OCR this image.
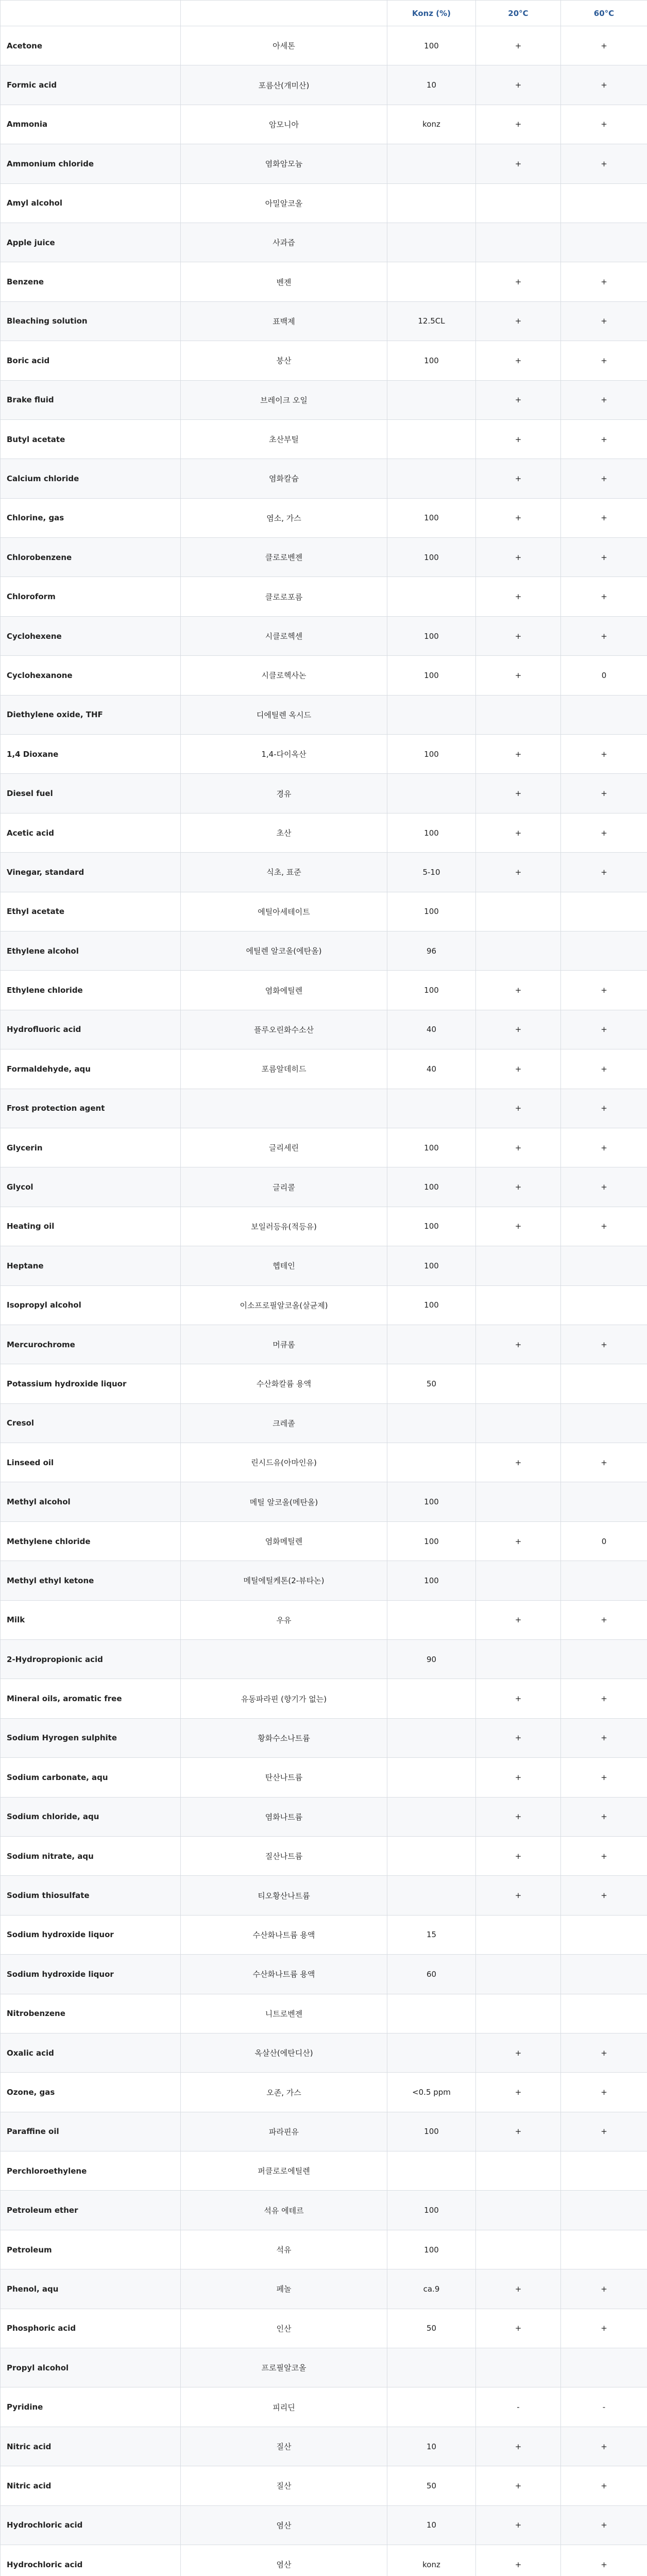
		Konz (%)	20°C	60°C
Acetone	아세톤	100	+	+
Formic acid	포름산(개미산)	10	+	+
Ammonia	암모니아	konz	+	+
Ammonium chloride	염화암모늄		+	+
Amyl alcohol	아밀알코올			
Apple juice	사과즙			
Benzene	벤젠		+	+
Bleaching solution	표백제	12.5CL	+	+
Boric acid	붕산	100	+	+
Brake fluid	브레이크 오일		+	+
Butyl acetate	초산부틸		+	+
Calcium chloride	염화칼슘		+	+
Chlorine, gas	염소, 가스	100	+	+
Chlorobenzene	클로로벤젠	100	+	+
Chloroform	클로로포름		+	+
Cyclohexene	시클로헥센	100	+	+
Cyclohexanone	시클로헥사논	100	+	0
Diethylene oxide, THF	디에틸렌 옥시드			
1,4 Dioxane	1,4-다이옥산	100	+	+
Diesel fuel	경유		+	+
Acetic acid	초산	100	+	+
Vinegar, standard	식초, 표준	5-10	+	+
Ethyl acetate	에틸아세테이트	100		
Ethylene alcohol	에틸렌 알코올(에탄올)	96		
Ethylene chloride	염화에틸렌	100	+	+
Hydrofluoric acid	플루오린화수소산	40	+	+
Formaldehyde, aqu	포름알데히드	40	+	+
Frost protection agent			+	+
Glycerin	글리세린	100	+	+
Glycol	글리콜	100	+	+
Heating oil	보일러등유(적등유)	100	+	+
Heptane	헵테인	100		
Isopropyl alcohol	이소프로필알코올(살균제)	100		
Mercurochrome	머큐롬		+	+
Potassium hydroxide liquor	수산화칼륨 용액	50		
Cresol	크레졸			
Linseed oil	린시드유(아마인유)		+	+
Methyl alcohol	메틸 알코올(메탄올)	100		
Methylene chloride	염화메틸렌	100	+	0
Methyl ethyl ketone	메틸에틸케톤(2-뷰타논)	100		
Milk	우유		+	+
2-Hydropropionic acid		90		
Mineral oils, aromatic free	유동파라핀 (향기가 없는)		+	+
Sodium Hyrogen sulphite	황화수소나트륨		+	+
Sodium carbonate, aqu	탄산나트륨		+	+
Sodium chloride, aqu	염화나트륨		+	+
Sodium nitrate, aqu	질산나트륨		+	+
Sodium thiosulfate	티오황산나트륨		+	+
Sodium hydroxide liquor	수산화나트륨 용액	15		
Sodium hydroxide liquor	수산화나트륨 용액	60		
Nitrobenzene	니트로벤젠			
Oxalic acid	옥살산(에탄디산)		+	+
Ozone, gas	오존, 가스	<0.5 ppm	+	+
Paraffine oil	파라핀유	100	+	+
Perchloroethylene	퍼클로로에틸렌			
Petroleum ether	석유 에테르	100		
Petroleum	석유	100		
Phenol, aqu	페놀	ca.9	+	+
Phosphoric acid	인산	50	+	+
Propyl alcohol	프로필알코올			
Pyridine	피리딘		-	-
Nitric acid	질산	10	+	+
Nitric acid	질산	50	+	+
Hydrochloric acid	염산	10	+	+
Hydrochloric acid	염산	konz	+	+
